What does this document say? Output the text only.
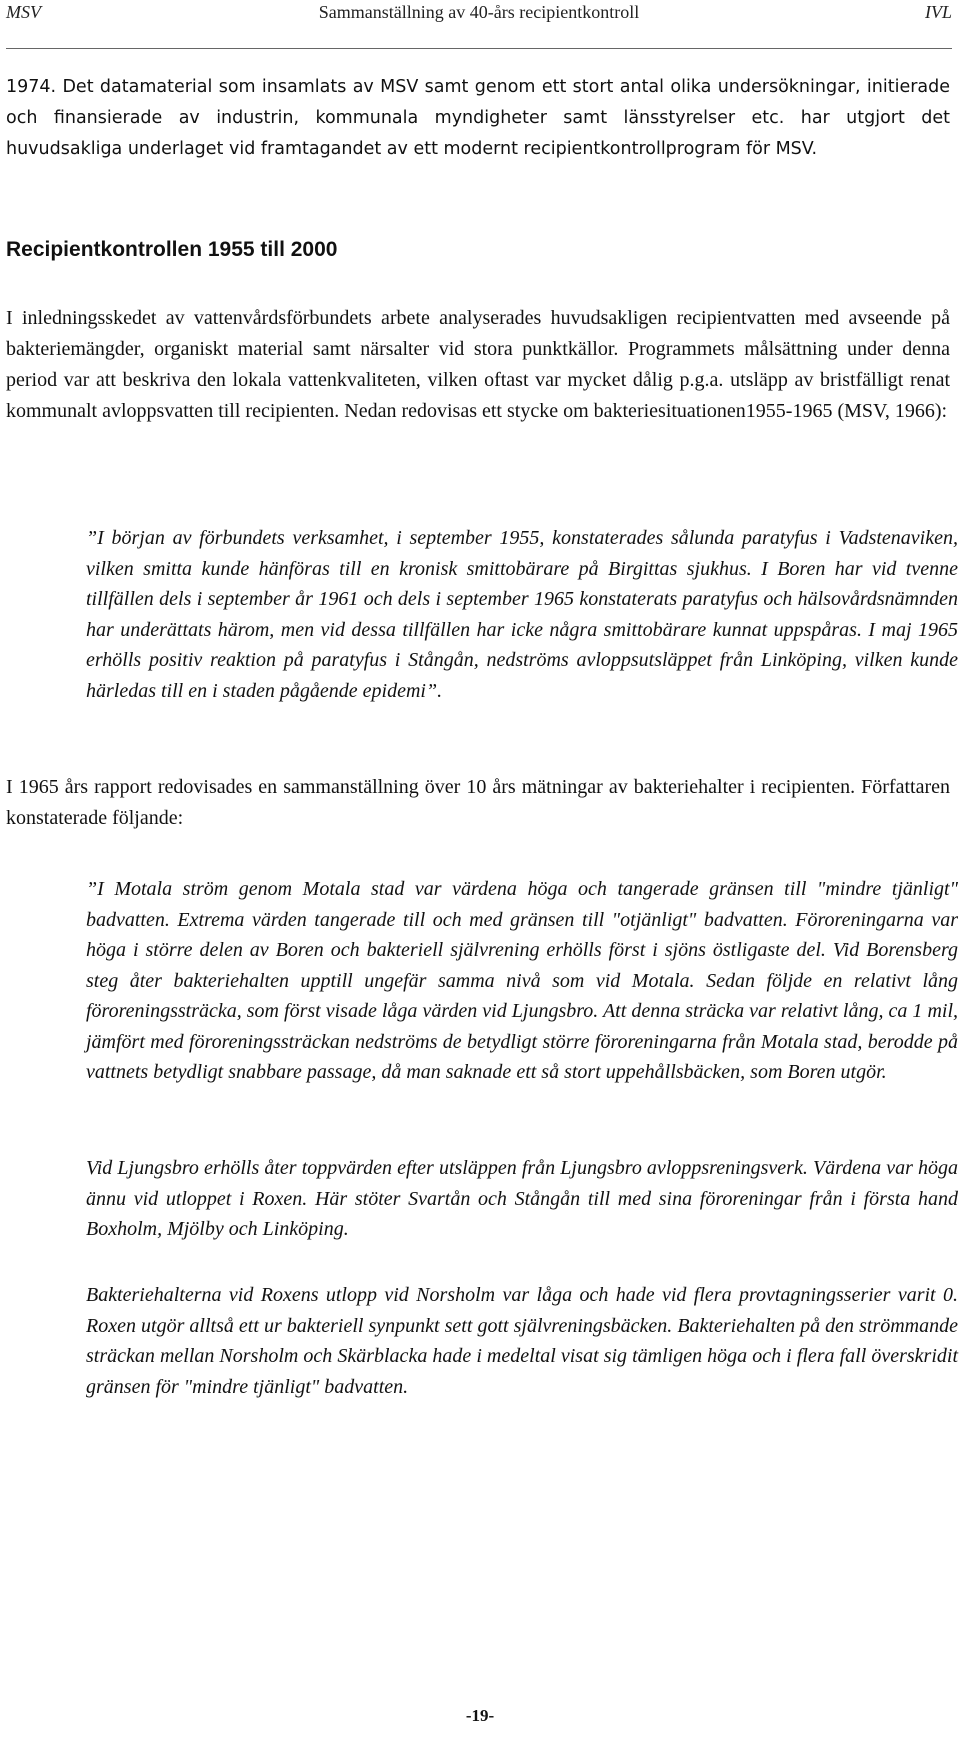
MSV	Sammanställning av 40-års recipientkontroll	IVL

1974. Det datamaterial som insamlats av MSV samt genom ett stort antal olika undersökningar, initierade och finansierade av industrin, kommunala myndigheter samt länsstyrelser etc. har utgjort det huvudsakliga underlaget vid framtagandet av ett modernt recipientkontrollprogram för MSV.

Recipientkontrollen 1955 till 2000

I inledningsskedet av vattenvårdsförbundets arbete analyserades huvudsakligen recipientvatten med avseende på bakteriemängder, organiskt material samt närsalter vid stora punktkällor. Programmets målsättning under denna period var att beskriva den lokala vattenkvaliteten, vilken oftast var mycket dålig p.g.a. utsläpp av bristfälligt renat kommunalt avloppsvatten till recipienten. Nedan redovisas ett stycke om bakteriesituationen1955-1965 (MSV, 1966):

”I början av förbundets verksamhet, i september 1955, konstaterades sålunda paratyfus i Vadstenaviken, vilken smitta kunde hänföras till en kronisk smittobärare på Birgittas sjukhus. I Boren har vid tvenne tillfällen dels i september år 1961 och dels i september 1965 konstaterats paratyfus och hälsovårdsnämnden har underättats härom, men vid dessa tillfällen har icke några smittobärare kunnat uppspåras. I maj 1965 erhölls positiv reaktion på paratyfus i Stångån, nedströms avloppsutsläppet från Linköping, vilken kunde härledas till en i staden pågående epidemi”.

I 1965 års rapport redovisades en sammanställning över 10 års mätningar av bakteriehalter i recipienten. Författaren konstaterade följande:

”I Motala ström genom Motala stad var värdena höga och tangerade gränsen till "mindre tjänligt" badvatten. Extrema värden tangerade till och med gränsen till "otjänligt" badvatten. Föroreningarna var höga i större delen av Boren och bakteriell självrening erhölls först i sjöns östligaste del. Vid Borensberg steg åter bakteriehalten upptill ungefär samma nivå som vid Motala. Sedan följde en relativt lång föroreningssträcka, som först visade låga värden vid Ljungsbro. Att denna sträcka var relativt lång, ca 1 mil, jämfört med föroreningssträckan nedströms de betydligt större föroreningarna från Motala stad, berodde på vattnets betydligt snabbare passage, då man saknade ett så stort uppehållsbäcken, som Boren utgör.

Vid Ljungsbro erhölls åter toppvärden efter utsläppen från Ljungsbro avloppsreningsverk. Värdena var höga ännu vid utloppet i Roxen. Här stöter Svartån och Stångån till med sina föroreningar från i första hand Boxholm, Mjölby och Linköping.

Bakteriehalterna vid Roxens utlopp vid Norsholm var låga och hade vid flera provtagningsserier varit 0. Roxen utgör alltså ett ur bakteriell synpunkt sett gott självreningsbäcken. Bakteriehalten på den strömmande sträckan mellan Norsholm och Skärblacka hade i medeltal visat sig tämligen höga och i flera fall överskridit gränsen för "mindre tjänligt" badvatten.

-19-
